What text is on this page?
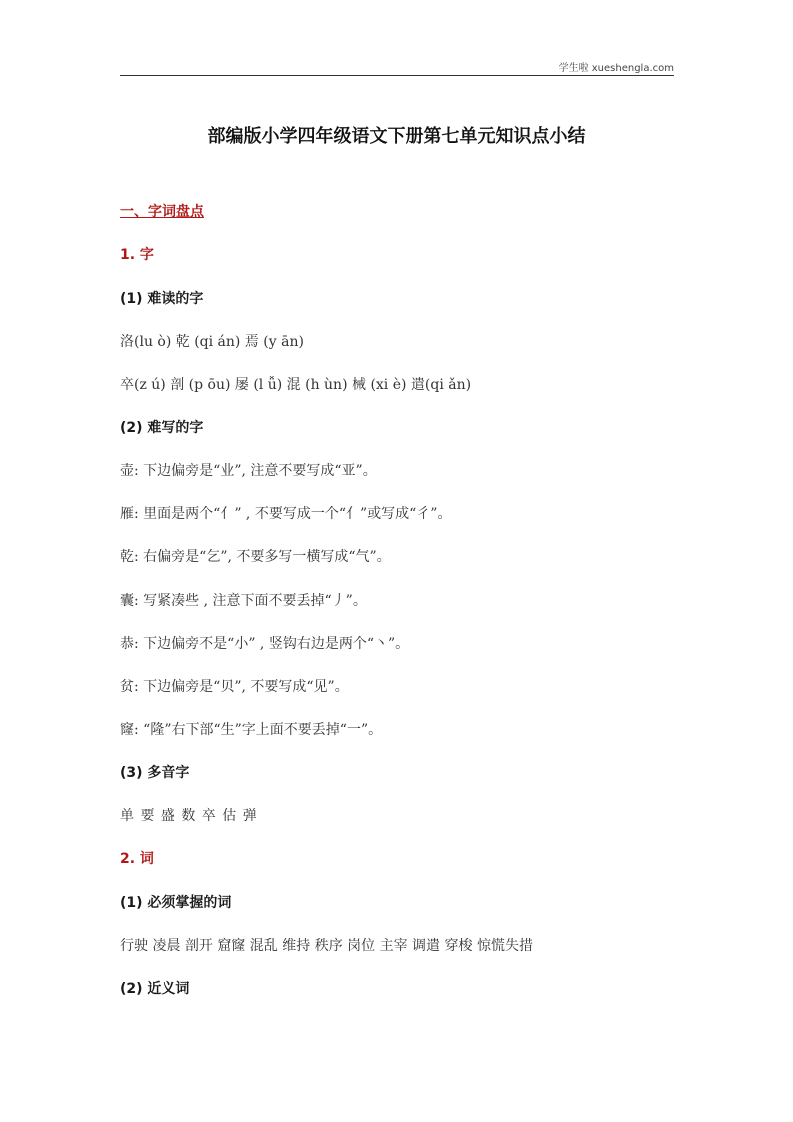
学生啦 xueshengla.com
部编版小学四年级语文下册第七单元知识点小结
一、字词盘点
1. 字
(1) 难读的字
洛(lu ò) 乾 (qi án) 焉 (y ān)
卒(z ú) 剖 (p ōu) 屡 (l ǚ) 混 (h ùn) 械 (xi è) 遣(qi ǎn)
(2) 难写的字
壶: 下边偏旁是“业”, 注意不要写成“亚”。
雁: 里面是两个“亻” , 不要写成一个“亻”或写成“彳”。
乾: 右偏旁是“乞”, 不要多写一横写成“气”。
囊: 写紧凑些 , 注意下面不要丢掉“丿”。
恭: 下边偏旁不是“小” , 竖钩右边是两个“丶”。
贫: 下边偏旁是“贝”, 不要写成“见”。
窿: “隆”右下部“生”字上面不要丢掉“一”。
(3) 多音字
单 要 盛 数 卒 估 弹
2. 词
(1) 必须掌握的词
行驶 凌晨 剖开 窟窿 混乱 维持 秩序 岗位 主宰 调遣 穿梭 惊慌失措
(2) 近义词
